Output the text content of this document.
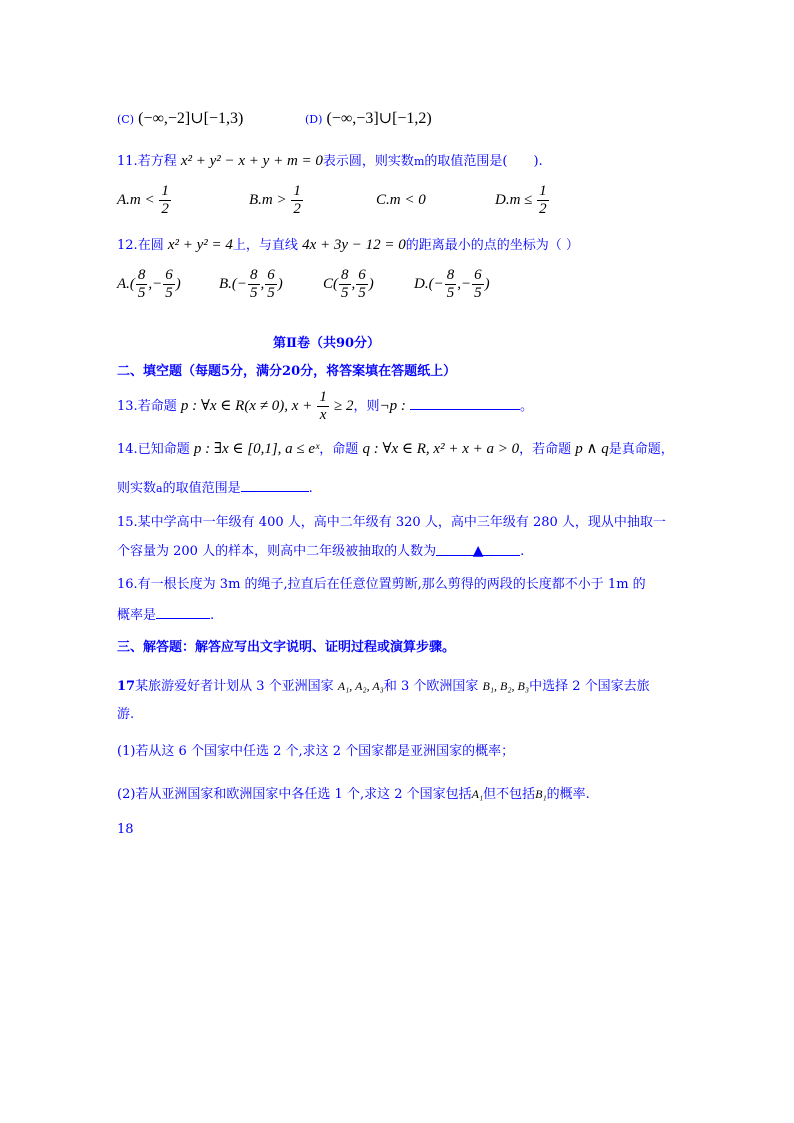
(C) (−∞,−2]∪[−1,3)	(D) (−∞,−3]∪[−1,2)
11.若方程 x² + y² − x + y + m = 0表示圆，则实数m的取值范围是(　　).
$A.m < \frac{1}{2}$	$B.m > \frac{1}{2}$	C.m < 0	$D.m \le \frac{1}{2}$
12.在圆 x² + y² = 4上，与直线 4x + 3y − 12 = 0的距离最小的点的坐标为（ ）
$A.( \frac{8}{5}$ ,− $\frac{6}{5}$ )	$B.(- \frac{8}{5}$ , $\frac{6}{5}$ )	$C( \frac{8}{5}$ , $\frac{6}{5}$ )	$D.(- \frac{8}{5}$ ,− $\frac{6}{5}$ )
第Ⅱ卷（共90分）
二、填空题（每题5分，满分20分，将答案填在答题纸上）
13.若命题 p : ∀x ∈ R(x ≠ 0), $x + \frac{1}{x} \ge 2$，则¬p :	。
14.已知命题 p : ∃x ∈ [0,1], a ≤ eˣ，命题 q : ∀x ∈ R, x² + x + a > 0，若命题 p ∧ q是真命题，
则实数a的取值范围是	.
15.某中学高中一年级有 400 人，高中二年级有 320 人，高中三年级有 280 人，现从中抽取一
个容量为 200 人的样本，则高中二年级被抽取的人数为	▲	.
16.有一根长度为 3m 的绳子,拉直后在任意位置剪断,那么剪得的两段的长度都不小于 1m 的
概率是	.
三、解答题：解答应写出文字说明、证明过程或演算步骤。
17某旅游爱好者计划从 3 个亚洲国家 A₁, A₂, A₃和 3 个欧洲国家 B₁, B₂, B₃中选择 2 个国家去旅
游.
(1)若从这 6 个国家中任选 2 个,求这 2 个国家都是亚洲国家的概率；
(2)若从亚洲国家和欧洲国家中各任选 1 个,求这 2 个国家包括A₁但不包括B₁的概率.
18
